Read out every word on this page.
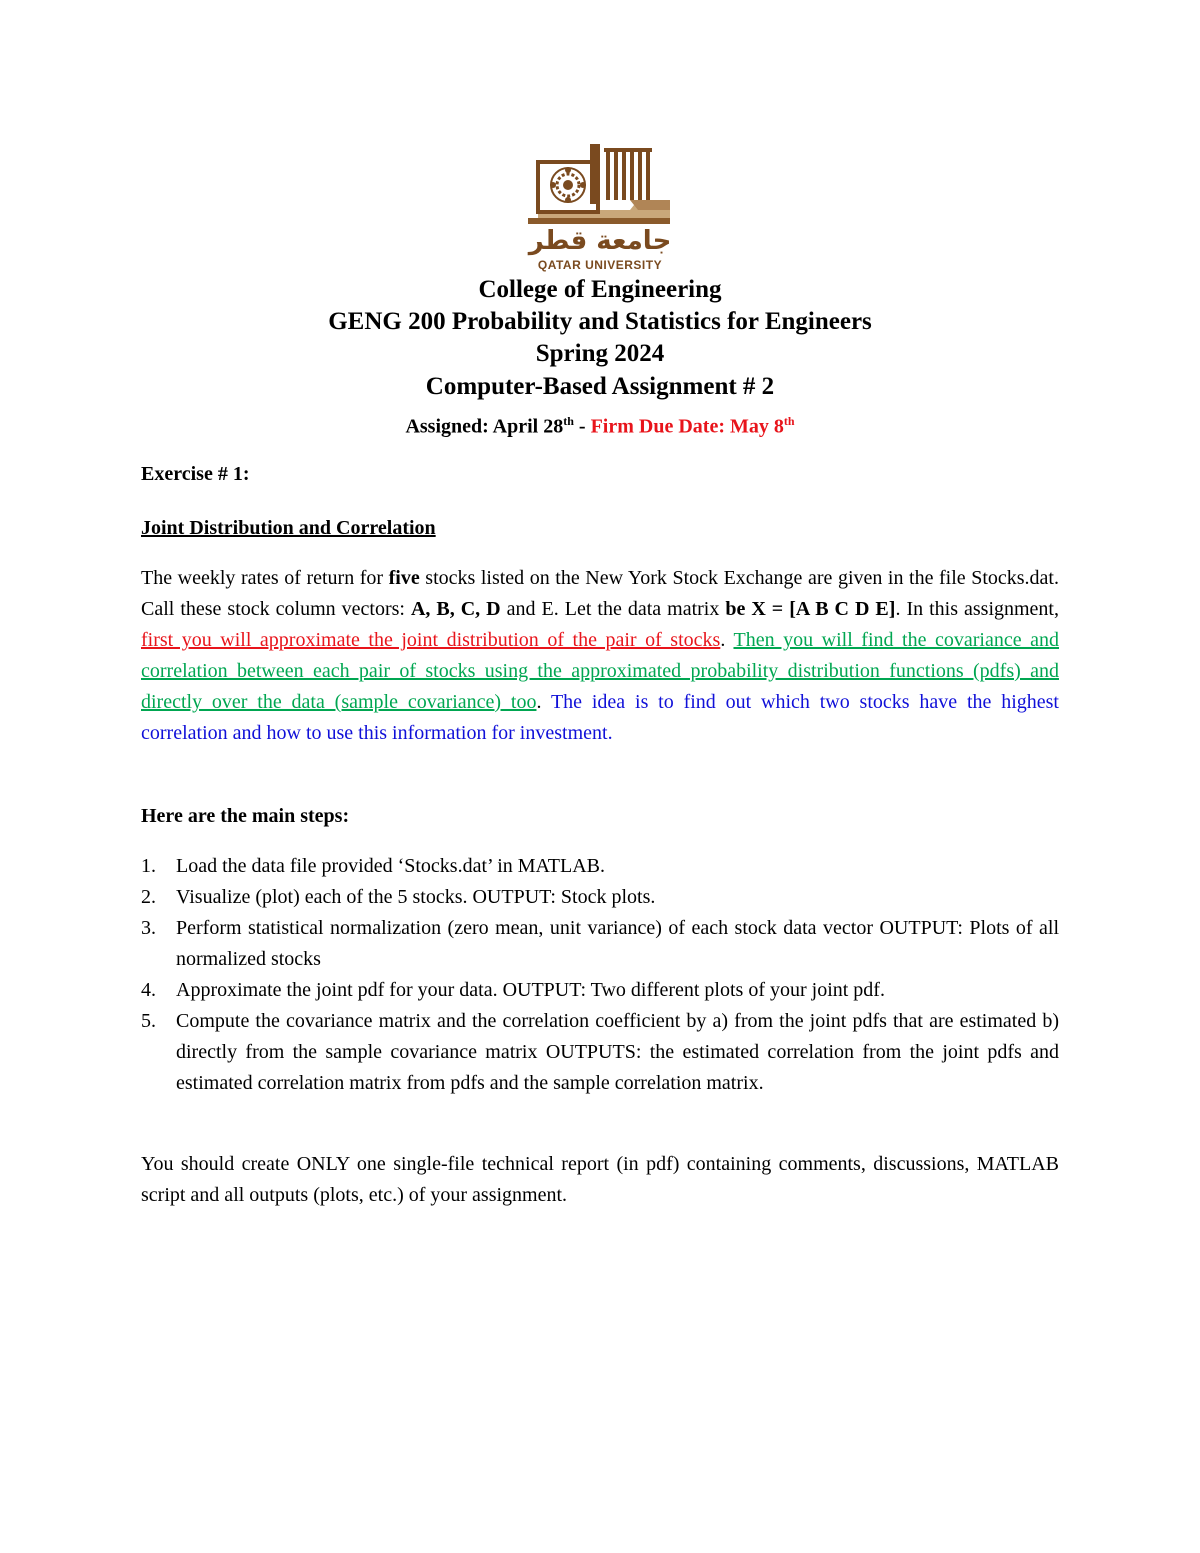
جامعة قطر
QATAR UNIVERSITY
College of Engineering
GENG 200 Probability and Statistics for Engineers
Spring 2024
Computer-Based Assignment # 2
Assigned: April 28th - Firm Due Date: May 8th
Exercise # 1:
Joint Distribution and Correlation
The weekly rates of return for five stocks listed on the New York Stock Exchange are given in the file Stocks.dat. Call these stock column vectors: A, B, C, D and E. Let the data matrix be X = [A B C D E]. In this assignment, first you will approximate the joint distribution of the pair of stocks. Then you will find the covariance and correlation between each pair of stocks using the approximated probability distribution functions (pdfs) and directly over the data (sample covariance) too. The idea is to find out which two stocks have the highest correlation and how to use this information for investment.
Here are the main steps:
1. Load the data file provided ‘Stocks.dat’ in MATLAB.
2. Visualize (plot) each of the 5 stocks. OUTPUT: Stock plots.
3. Perform statistical normalization (zero mean, unit variance) of each stock data vector OUTPUT: Plots of all normalized stocks
4. Approximate the joint pdf for your data. OUTPUT: Two different plots of your joint pdf.
5. Compute the covariance matrix and the correlation coefficient by a) from the joint pdfs that are estimated b) directly from the sample covariance matrix OUTPUTS: the estimated correlation from the joint pdfs and estimated correlation matrix from pdfs and the sample correlation matrix.
You should create ONLY one single-file technical report (in pdf) containing comments, discussions, MATLAB script and all outputs (plots, etc.) of your assignment.
